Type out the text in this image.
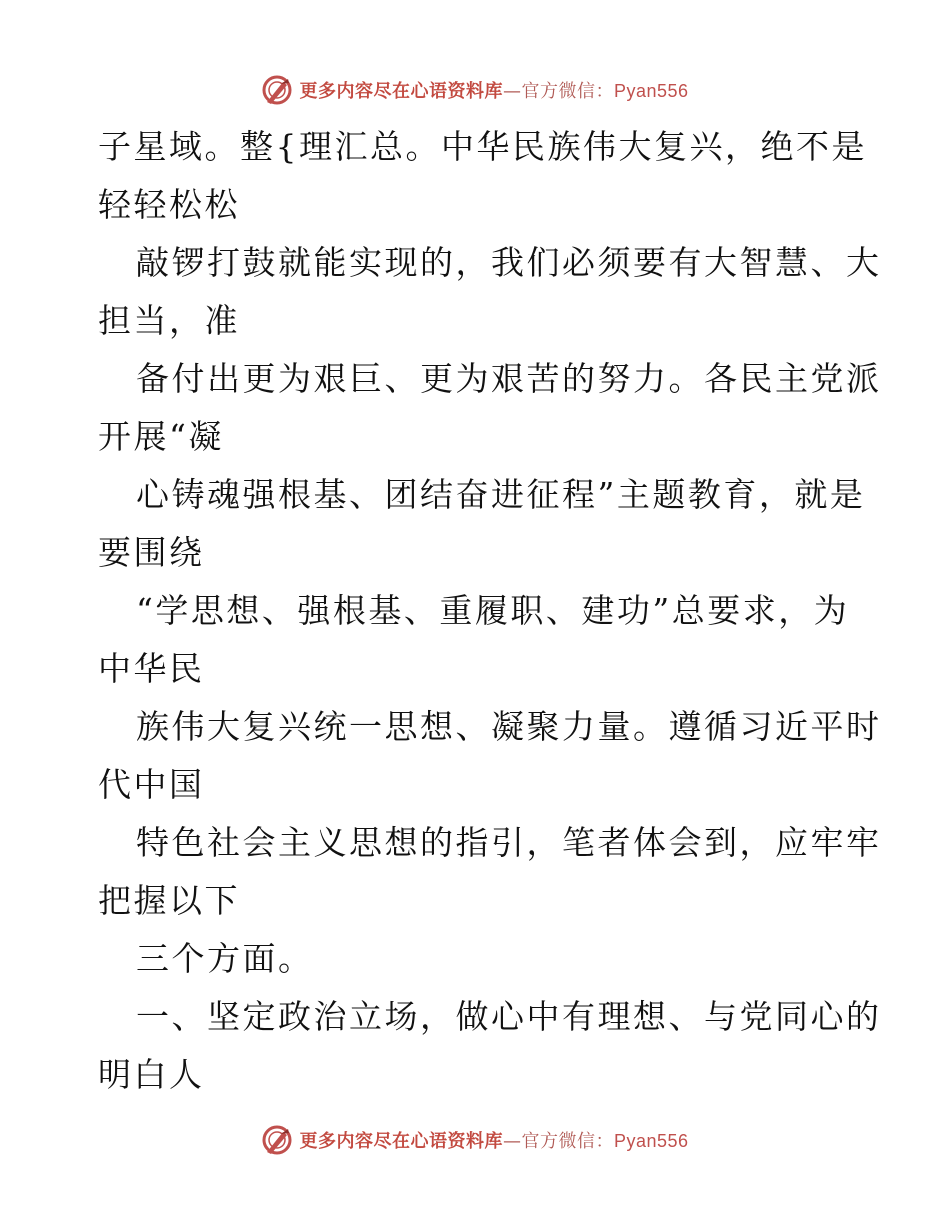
更多内容尽在心语资料库—官方微信：Pyan556
子星域。整{理汇总。中华民族伟大复兴，绝不是
轻轻松松
敲锣打鼓就能实现的，我们必须要有大智慧、大
担当，准
备付出更为艰巨、更为艰苦的努力。各民主党派
开展“凝
心铸魂强根基、团结奋进征程”主题教育，就是
要围绕
“学思想、强根基、重履职、建功”总要求，为
中华民
族伟大复兴统一思想、凝聚力量。遵循习近平时
代中国
特色社会主义思想的指引，笔者体会到，应牢牢
把握以下
三个方面。
一、坚定政治立场，做心中有理想、与党同心的
明白人
更多内容尽在心语资料库—官方微信：Pyan556
